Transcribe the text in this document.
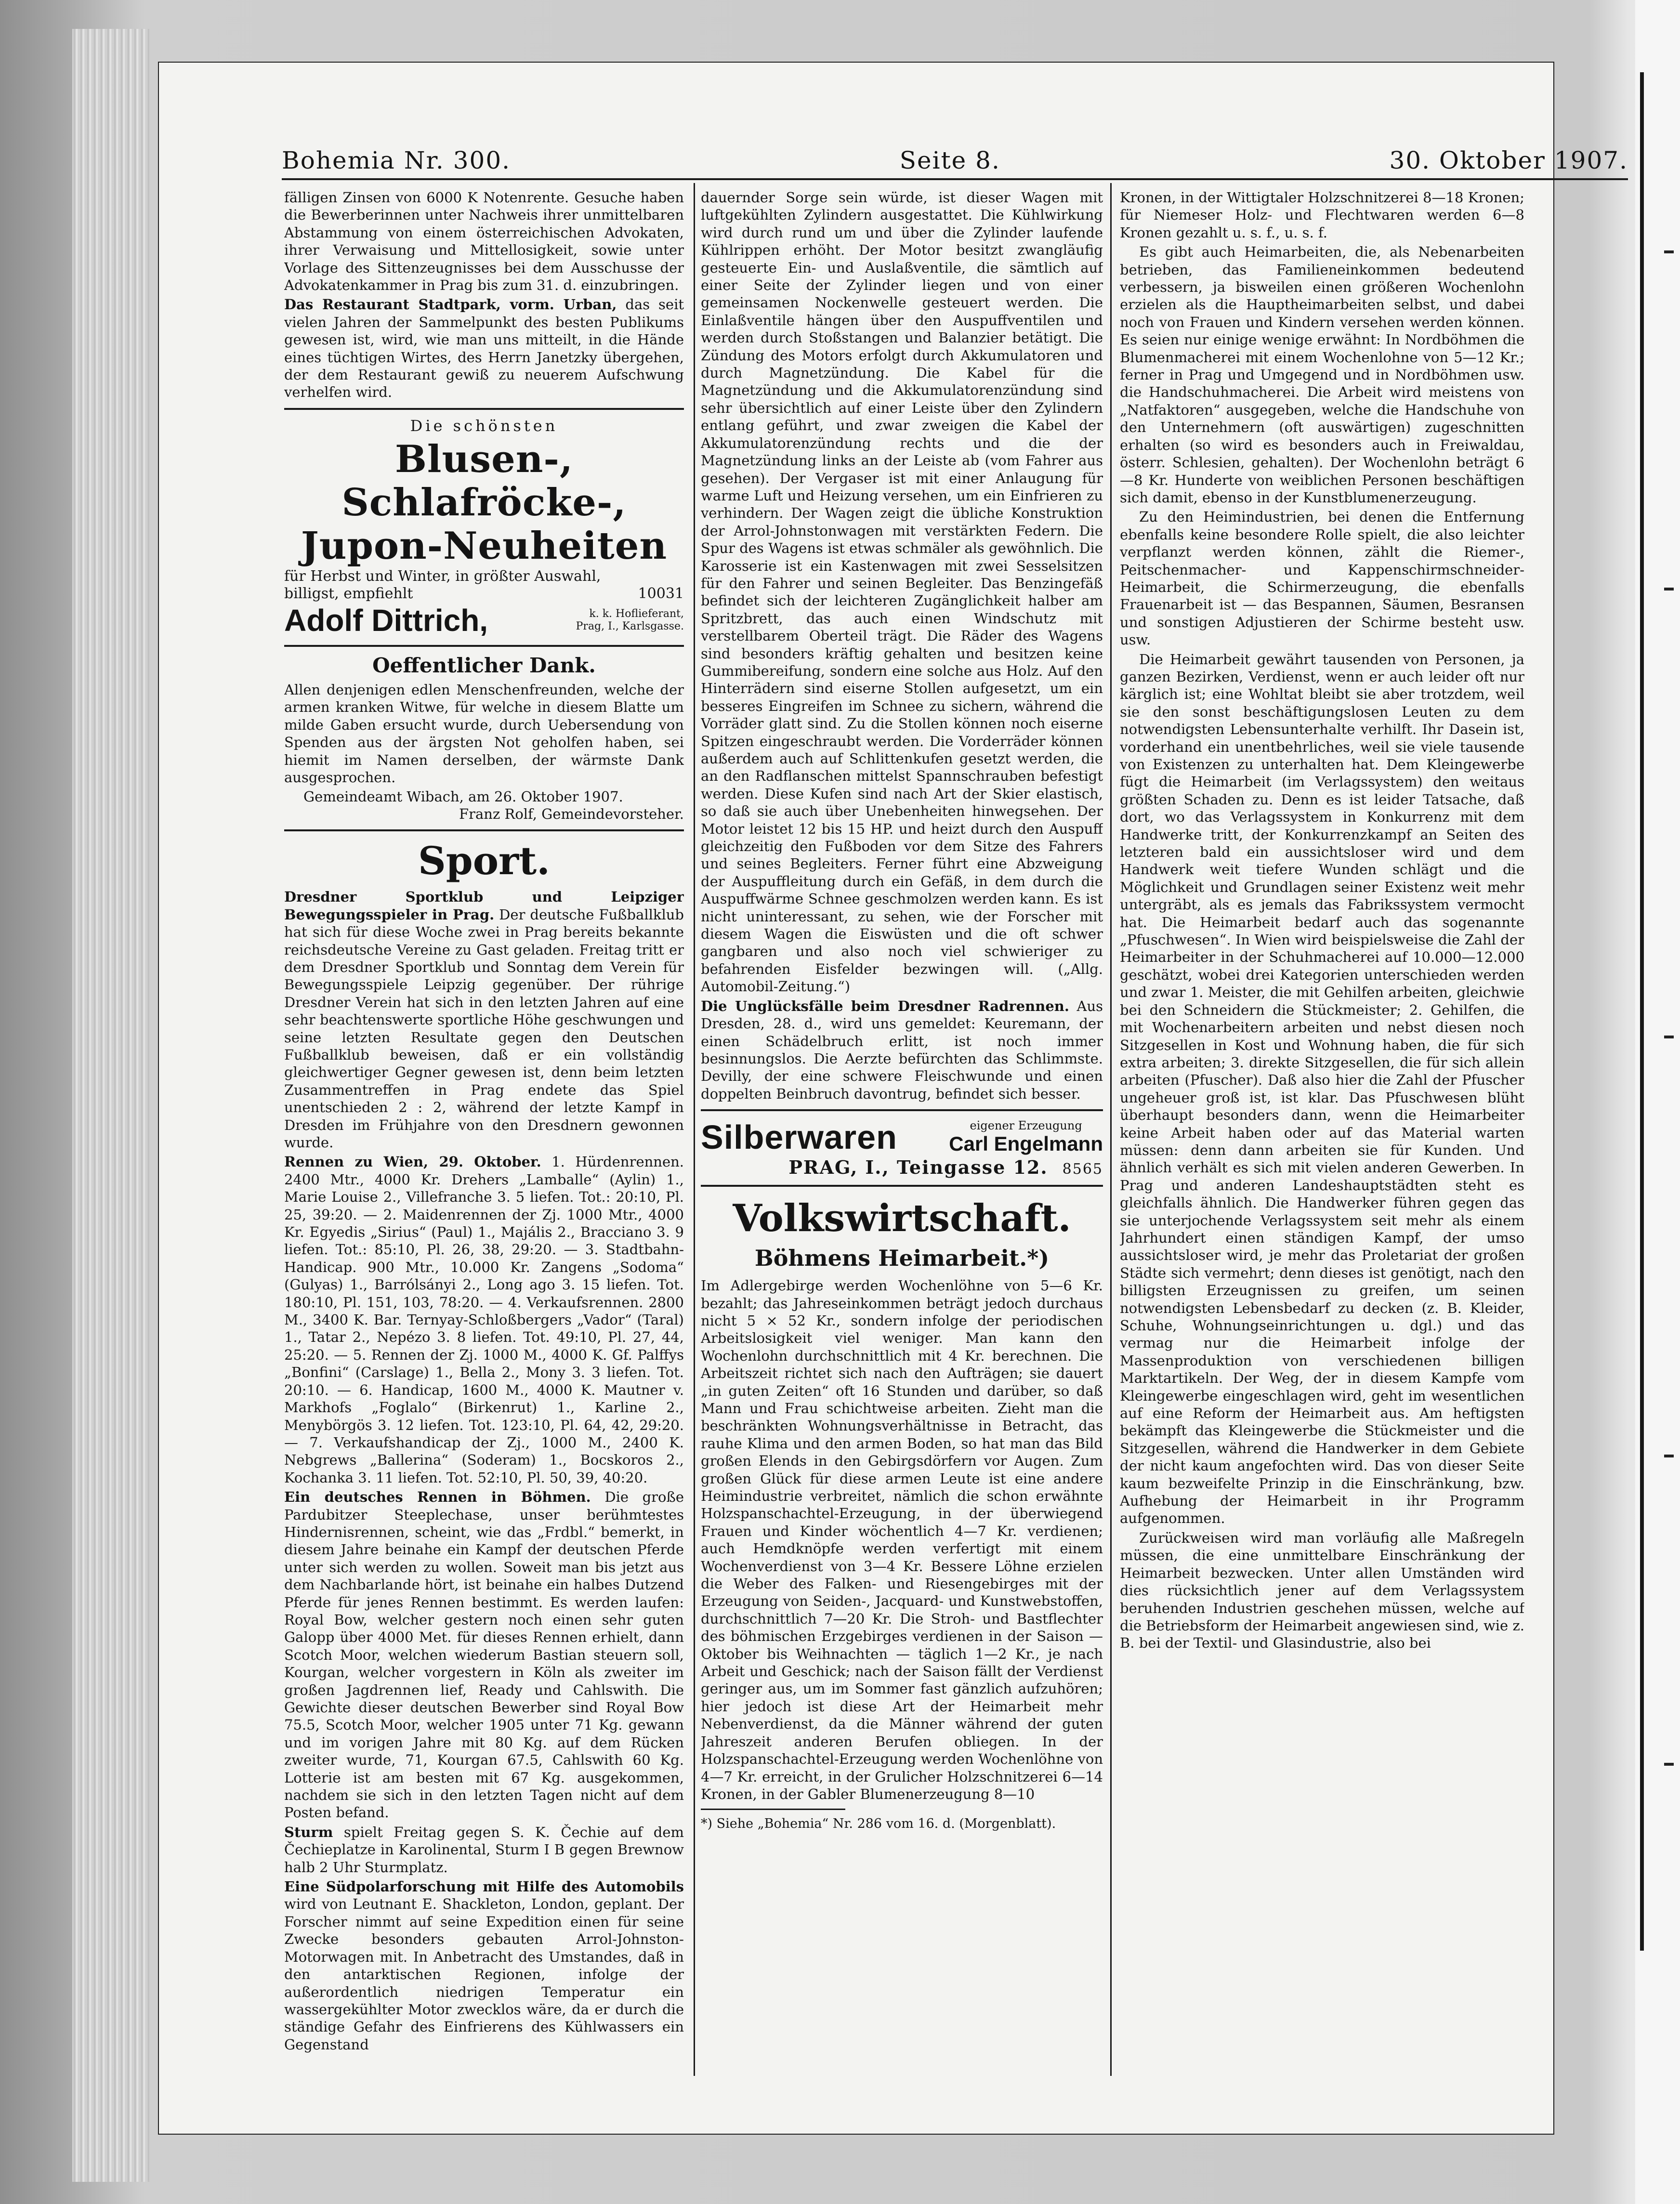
Bohemia Nr. 300.	Seite 8.	30. Oktober 1907.

fälligen Zinsen von 6000 K Notenrente. Gesuche haben die Bewerberinnen unter Nachweis ihrer unmittelbaren Abstammung von einem österreichischen Advokaten, ihrer Verwaisung und Mittellosigkeit, sowie unter Vorlage des Sittenzeugnisses bei dem Ausschusse der Advokatenkammer in Prag bis zum 31. d. einzubringen.

Das Restaurant Stadtpark, vorm. Urban, das seit vielen Jahren der Sammelpunkt des besten Publikums gewesen ist, wird, wie man uns mitteilt, in die Hände eines tüchtigen Wirtes, des Herrn Janetzky übergehen, der dem Restaurant gewiß zu neuerem Aufschwung verhelfen wird.

Die schönsten
Blusen-, Schlafröcke-,
Jupon-Neuheiten
für Herbst und Winter, in größter Auswahl,
billigst, empfiehlt	10031
Adolf Dittrich,	k. k. Hoflieferant,
Prag, I., Karlsgasse.
Oeffentlicher Dank.

Allen denjenigen edlen Menschenfreunden, welche der armen kranken Witwe, für welche in diesem Blatte um milde Gaben ersucht wurde, durch Uebersendung von Spenden aus der ärgsten Not geholfen haben, sei hiemit im Namen derselben, der wärmste Dank ausgesprochen.

Gemeindeamt Wibach, am 26. Oktober 1907.
Franz Rolf, Gemeindevorsteher.
Sport.

Dresdner Sportklub und Leipziger Bewegungsspieler in Prag. Der deutsche Fußballklub hat sich für diese Woche zwei in Prag bereits bekannte reichsdeutsche Vereine zu Gast geladen. Freitag tritt er dem Dresdner Sportklub und Sonntag dem Verein für Bewegungsspiele Leipzig gegenüber. Der rührige Dresdner Verein hat sich in den letzten Jahren auf eine sehr beachtenswerte sportliche Höhe geschwungen und seine letzten Resultate gegen den Deutschen Fußballklub beweisen, daß er ein vollständig gleichwertiger Gegner gewesen ist, denn beim letzten Zusammentreffen in Prag endete das Spiel unentschieden 2 : 2, während der letzte Kampf in Dresden im Frühjahre von den Dresdnern gewonnen wurde.

Rennen zu Wien, 29. Oktober. 1. Hürdenrennen. 2400 Mtr., 4000 Kr. Drehers „Lamballe“ (Aylin) 1., Marie Louise 2., Villefranche 3. 5 liefen. Tot.: 20:10, Pl. 25, 39:20. — 2. Maidenrennen der Zj. 1000 Mtr., 4000 Kr. Egyedis „Sirius“ (Paul) 1., Majális 2., Bracciano 3. 9 liefen. Tot.: 85:10, Pl. 26, 38, 29:20. — 3. Stadtbahn-Handicap. 900 Mtr., 10.000 Kr. Zangens „Sodoma“ (Gulyas) 1., Barrólsányi 2., Long ago 3. 15 liefen. Tot. 180:10, Pl. 151, 103, 78:20. — 4. Verkaufsrennen. 2800 M., 3400 K. Bar. Ternyay-Schloßbergers „Vador“ (Taral) 1., Tatar 2., Nepézo 3. 8 liefen. Tot. 49:10, Pl. 27, 44, 25:20. — 5. Rennen der Zj. 1000 M., 4000 K. Gf. Palffys „Bonfini“ (Carslage) 1., Bella 2., Mony 3. 3 liefen. Tot. 20:10. — 6. Handicap, 1600 M., 4000 K. Mautner v. Markhofs „Foglalo“ (Birkenrut) 1., Karline 2., Menybörgös 3. 12 liefen. Tot. 123:10, Pl. 64, 42, 29:20. — 7. Verkaufshandicap der Zj., 1000 M., 2400 K. Nebgrews „Ballerina“ (Soderam) 1., Bocskoros 2., Kochanka 3. 11 liefen. Tot. 52:10, Pl. 50, 39, 40:20.

Ein deutsches Rennen in Böhmen. Die große Pardubitzer Steeplechase, unser berühmtestes Hindernisrennen, scheint, wie das „Frdbl.“ bemerkt, in diesem Jahre beinahe ein Kampf der deutschen Pferde unter sich werden zu wollen. Soweit man bis jetzt aus dem Nachbarlande hört, ist beinahe ein halbes Dutzend Pferde für jenes Rennen bestimmt. Es werden laufen: Royal Bow, welcher gestern noch einen sehr guten Galopp über 4000 Met. für dieses Rennen erhielt, dann Scotch Moor, welchen wiederum Bastian steuern soll, Kourgan, welcher vorgestern in Köln als zweiter im großen Jagdrennen lief, Ready und Cahlswith. Die Gewichte dieser deutschen Bewerber sind Royal Bow 75.5, Scotch Moor, welcher 1905 unter 71 Kg. gewann und im vorigen Jahre mit 80 Kg. auf dem Rücken zweiter wurde, 71, Kourgan 67.5, Cahlswith 60 Kg. Lotterie ist am besten mit 67 Kg. ausgekommen, nachdem sie sich in den letzten Tagen nicht auf dem Posten befand.

Sturm spielt Freitag gegen S. K. Čechie auf dem Čechieplatze in Karolinental, Sturm I B gegen Brewnow halb 2 Uhr Sturmplatz.

Eine Südpolarforschung mit Hilfe des Automobils wird von Leutnant E. Shackleton, London, geplant. Der Forscher nimmt auf seine Expedition einen für seine Zwecke besonders gebauten Arrol-Johnston-Motorwagen mit. In Anbetracht des Umstandes, daß in den antarktischen Regionen, infolge der außerordentlich niedrigen Temperatur ein wassergekühlter Motor zwecklos wäre, da er durch die ständige Gefahr des Einfrierens des Kühlwassers ein Gegenstand

dauernder Sorge sein würde, ist dieser Wagen mit luftgekühlten Zylindern ausgestattet. Die Kühlwirkung wird durch rund um und über die Zylinder laufende Kühlrippen erhöht. Der Motor besitzt zwangläufig gesteuerte Ein- und Auslaßventile, die sämtlich auf einer Seite der Zylinder liegen und von einer gemeinsamen Nockenwelle gesteuert werden. Die Einlaßventile hängen über den Auspuffventilen und werden durch Stoßstangen und Balanzier betätigt. Die Zündung des Motors erfolgt durch Akkumulatoren und durch Magnetzündung. Die Kabel für die Magnetzündung und die Akkumulatorenzündung sind sehr übersichtlich auf einer Leiste über den Zylindern entlang geführt, und zwar zweigen die Kabel der Akkumulatorenzündung rechts und die der Magnetzündung links an der Leiste ab (vom Fahrer aus gesehen). Der Vergaser ist mit einer Anlaugung für warme Luft und Heizung versehen, um ein Einfrieren zu verhindern. Der Wagen zeigt die übliche Konstruktion der Arrol-Johnstonwagen mit verstärkten Federn. Die Spur des Wagens ist etwas schmäler als gewöhnlich. Die Karosserie ist ein Kastenwagen mit zwei Sesselsitzen für den Fahrer und seinen Begleiter. Das Benzingefäß befindet sich der leichteren Zugänglichkeit halber am Spritzbrett, das auch einen Windschutz mit verstellbarem Oberteil trägt. Die Räder des Wagens sind besonders kräftig gehalten und besitzen keine Gummibereifung, sondern eine solche aus Holz. Auf den Hinterrädern sind eiserne Stollen aufgesetzt, um ein besseres Eingreifen im Schnee zu sichern, während die Vorräder glatt sind. Zu die Stollen können noch eiserne Spitzen eingeschraubt werden. Die Vorderräder können außerdem auch auf Schlittenkufen gesetzt werden, die an den Radflanschen mittelst Spannschrauben befestigt werden. Diese Kufen sind nach Art der Skier elastisch, so daß sie auch über Unebenheiten hinwegsehen. Der Motor leistet 12 bis 15 HP. und heizt durch den Auspuff gleichzeitig den Fußboden vor dem Sitze des Fahrers und seines Begleiters. Ferner führt eine Abzweigung der Auspuffleitung durch ein Gefäß, in dem durch die Auspuffwärme Schnee geschmolzen werden kann. Es ist nicht uninteressant, zu sehen, wie der Forscher mit diesem Wagen die Eiswüsten und die oft schwer gangbaren und also noch viel schwieriger zu befahrenden Eisfelder bezwingen will. („Allg. Automobil-Zeitung.“)

Die Unglücksfälle beim Dresdner Radrennen. Aus Dresden, 28. d., wird uns gemeldet: Keuremann, der einen Schädelbruch erlitt, ist noch immer besinnungslos. Die Aerzte befürchten das Schlimmste. Devilly, der eine schwere Fleischwunde und einen doppelten Beinbruch davontrug, befindet sich besser.

Silberwaren	eigener Erzeugung
Carl Engelmann
PRAG, I., Teingasse 12. 8565
Volkswirtschaft.
Böhmens Heimarbeit.*)

Im Adlergebirge werden Wochenlöhne von 5—6 Kr. bezahlt; das Jahreseinkommen beträgt jedoch durchaus nicht 5 × 52 Kr., sondern infolge der periodischen Arbeitslosigkeit viel weniger. Man kann den Wochenlohn durchschnittlich mit 4 Kr. berechnen. Die Arbeitszeit richtet sich nach den Aufträgen; sie dauert „in guten Zeiten“ oft 16 Stunden und darüber, so daß Mann und Frau schichtweise arbeiten. Zieht man die beschränkten Wohnungsverhältnisse in Betracht, das rauhe Klima und den armen Boden, so hat man das Bild großen Elends in den Gebirgsdörfern vor Augen. Zum großen Glück für diese armen Leute ist eine andere Heimindustrie verbreitet, nämlich die schon erwähnte Holzspanschachtel-Erzeugung, in der überwiegend Frauen und Kinder wöchentlich 4—7 Kr. verdienen; auch Hemdknöpfe werden verfertigt mit einem Wochenverdienst von 3—4 Kr. Bessere Löhne erzielen die Weber des Falken- und Riesengebirges mit der Erzeugung von Seiden-, Jacquard- und Kunstwebstoffen, durchschnittlich 7—20 Kr. Die Stroh- und Bastflechter des böhmischen Erzgebirges verdienen in der Saison — Oktober bis Weihnachten — täglich 1—2 Kr., je nach Arbeit und Geschick; nach der Saison fällt der Verdienst geringer aus, um im Sommer fast gänzlich aufzuhören; hier jedoch ist diese Art der Heimarbeit mehr Nebenverdienst, da die Männer während der guten Jahreszeit anderen Berufen obliegen. In der Holzspanschachtel-Erzeugung werden Wochenlöhne von 4—7 Kr. erreicht, in der Grulicher Holzschnitzerei 6—14 Kronen, in der Gabler Blumenerzeugung 8—10

*) Siehe „Bohemia“ Nr. 286 vom 16. d. (Morgenblatt).

Kronen, in der Wittigtaler Holzschnitzerei 8—18 Kronen; für Niemeser Holz- und Flechtwaren werden 6—8 Kronen gezahlt u. s. f., u. s. f.

Es gibt auch Heimarbeiten, die, als Nebenarbeiten betrieben, das Familieneinkommen bedeutend verbessern, ja bisweilen einen größeren Wochenlohn erzielen als die Hauptheimarbeiten selbst, und dabei noch von Frauen und Kindern versehen werden können. Es seien nur einige wenige erwähnt: In Nordböhmen die Blumenmacherei mit einem Wochenlohne von 5—12 Kr.; ferner in Prag und Umgegend und in Nordböhmen usw. die Handschuhmacherei. Die Arbeit wird meistens von „Natfaktoren“ ausgegeben, welche die Handschuhe von den Unternehmern (oft auswärtigen) zugeschnitten erhalten (so wird es besonders auch in Freiwaldau, österr. Schlesien, gehalten). Der Wochenlohn beträgt 6—8 Kr. Hunderte von weiblichen Personen beschäftigen sich damit, ebenso in der Kunstblumenerzeugung.

Zu den Heimindustrien, bei denen die Entfernung ebenfalls keine besondere Rolle spielt, die also leichter verpflanzt werden können, zählt die Riemer-, Peitschenmacher- und Kappenschirmschneider-Heimarbeit, die Schirmerzeugung, die ebenfalls Frauenarbeit ist — das Bespannen, Säumen, Besransen und sonstigen Adjustieren der Schirme besteht usw. usw.

Die Heimarbeit gewährt tausenden von Personen, ja ganzen Bezirken, Verdienst, wenn er auch leider oft nur kärglich ist; eine Wohltat bleibt sie aber trotzdem, weil sie den sonst beschäftigungslosen Leuten zu dem notwendigsten Lebensunterhalte verhilft. Ihr Dasein ist, vorderhand ein unentbehrliches, weil sie viele tausende von Existenzen zu unterhalten hat. Dem Kleingewerbe fügt die Heimarbeit (im Verlagssystem) den weitaus größten Schaden zu. Denn es ist leider Tatsache, daß dort, wo das Verlagssystem in Konkurrenz mit dem Handwerke tritt, der Konkurrenzkampf an Seiten des letzteren bald ein aussichtsloser wird und dem Handwerk weit tiefere Wunden schlägt und die Möglichkeit und Grundlagen seiner Existenz weit mehr untergräbt, als es jemals das Fabrikssystem vermocht hat. Die Heimarbeit bedarf auch das sogenannte „Pfuschwesen“. In Wien wird beispielsweise die Zahl der Heimarbeiter in der Schuhmacherei auf 10.000—12.000 geschätzt, wobei drei Kategorien unterschieden werden und zwar 1. Meister, die mit Gehilfen arbeiten, gleichwie bei den Schneidern die Stückmeister; 2. Gehilfen, die mit Wochenarbeitern arbeiten und nebst diesen noch Sitzgesellen in Kost und Wohnung haben, die für sich extra arbeiten; 3. direkte Sitzgesellen, die für sich allein arbeiten (Pfuscher). Daß also hier die Zahl der Pfuscher ungeheuer groß ist, ist klar. Das Pfuschwesen blüht überhaupt besonders dann, wenn die Heimarbeiter keine Arbeit haben oder auf das Material warten müssen: denn dann arbeiten sie für Kunden. Und ähnlich verhält es sich mit vielen anderen Gewerben. In Prag und anderen Landeshauptstädten steht es gleichfalls ähnlich. Die Handwerker führen gegen das sie unterjochende Verlagssystem seit mehr als einem Jahrhundert einen ständigen Kampf, der umso aussichtsloser wird, je mehr das Proletariat der großen Städte sich vermehrt; denn dieses ist genötigt, nach den billigsten Erzeugnissen zu greifen, um seinen notwendigsten Lebensbedarf zu decken (z. B. Kleider, Schuhe, Wohnungseinrichtungen u. dgl.) und das vermag nur die Heimarbeit infolge der Massenproduktion von verschiedenen billigen Marktartikeln. Der Weg, der in diesem Kampfe vom Kleingewerbe eingeschlagen wird, geht im wesentlichen auf eine Reform der Heimarbeit aus. Am heftigsten bekämpft das Kleingewerbe die Stückmeister und die Sitzgesellen, während die Handwerker in dem Gebiete der nicht kaum angefochten wird. Das von dieser Seite kaum bezweifelte Prinzip in die Einschränkung, bzw. Aufhebung der Heimarbeit in ihr Programm aufgenommen.

Zurückweisen wird man vorläufig alle Maßregeln müssen, die eine unmittelbare Einschränkung der Heimarbeit bezwecken. Unter allen Umständen wird dies rücksichtlich jener auf dem Verlagssystem beruhenden Industrien geschehen müssen, welche auf die Betriebsform der Heimarbeit angewiesen sind, wie z. B. bei der Textil- und Glasindustrie, also bei
